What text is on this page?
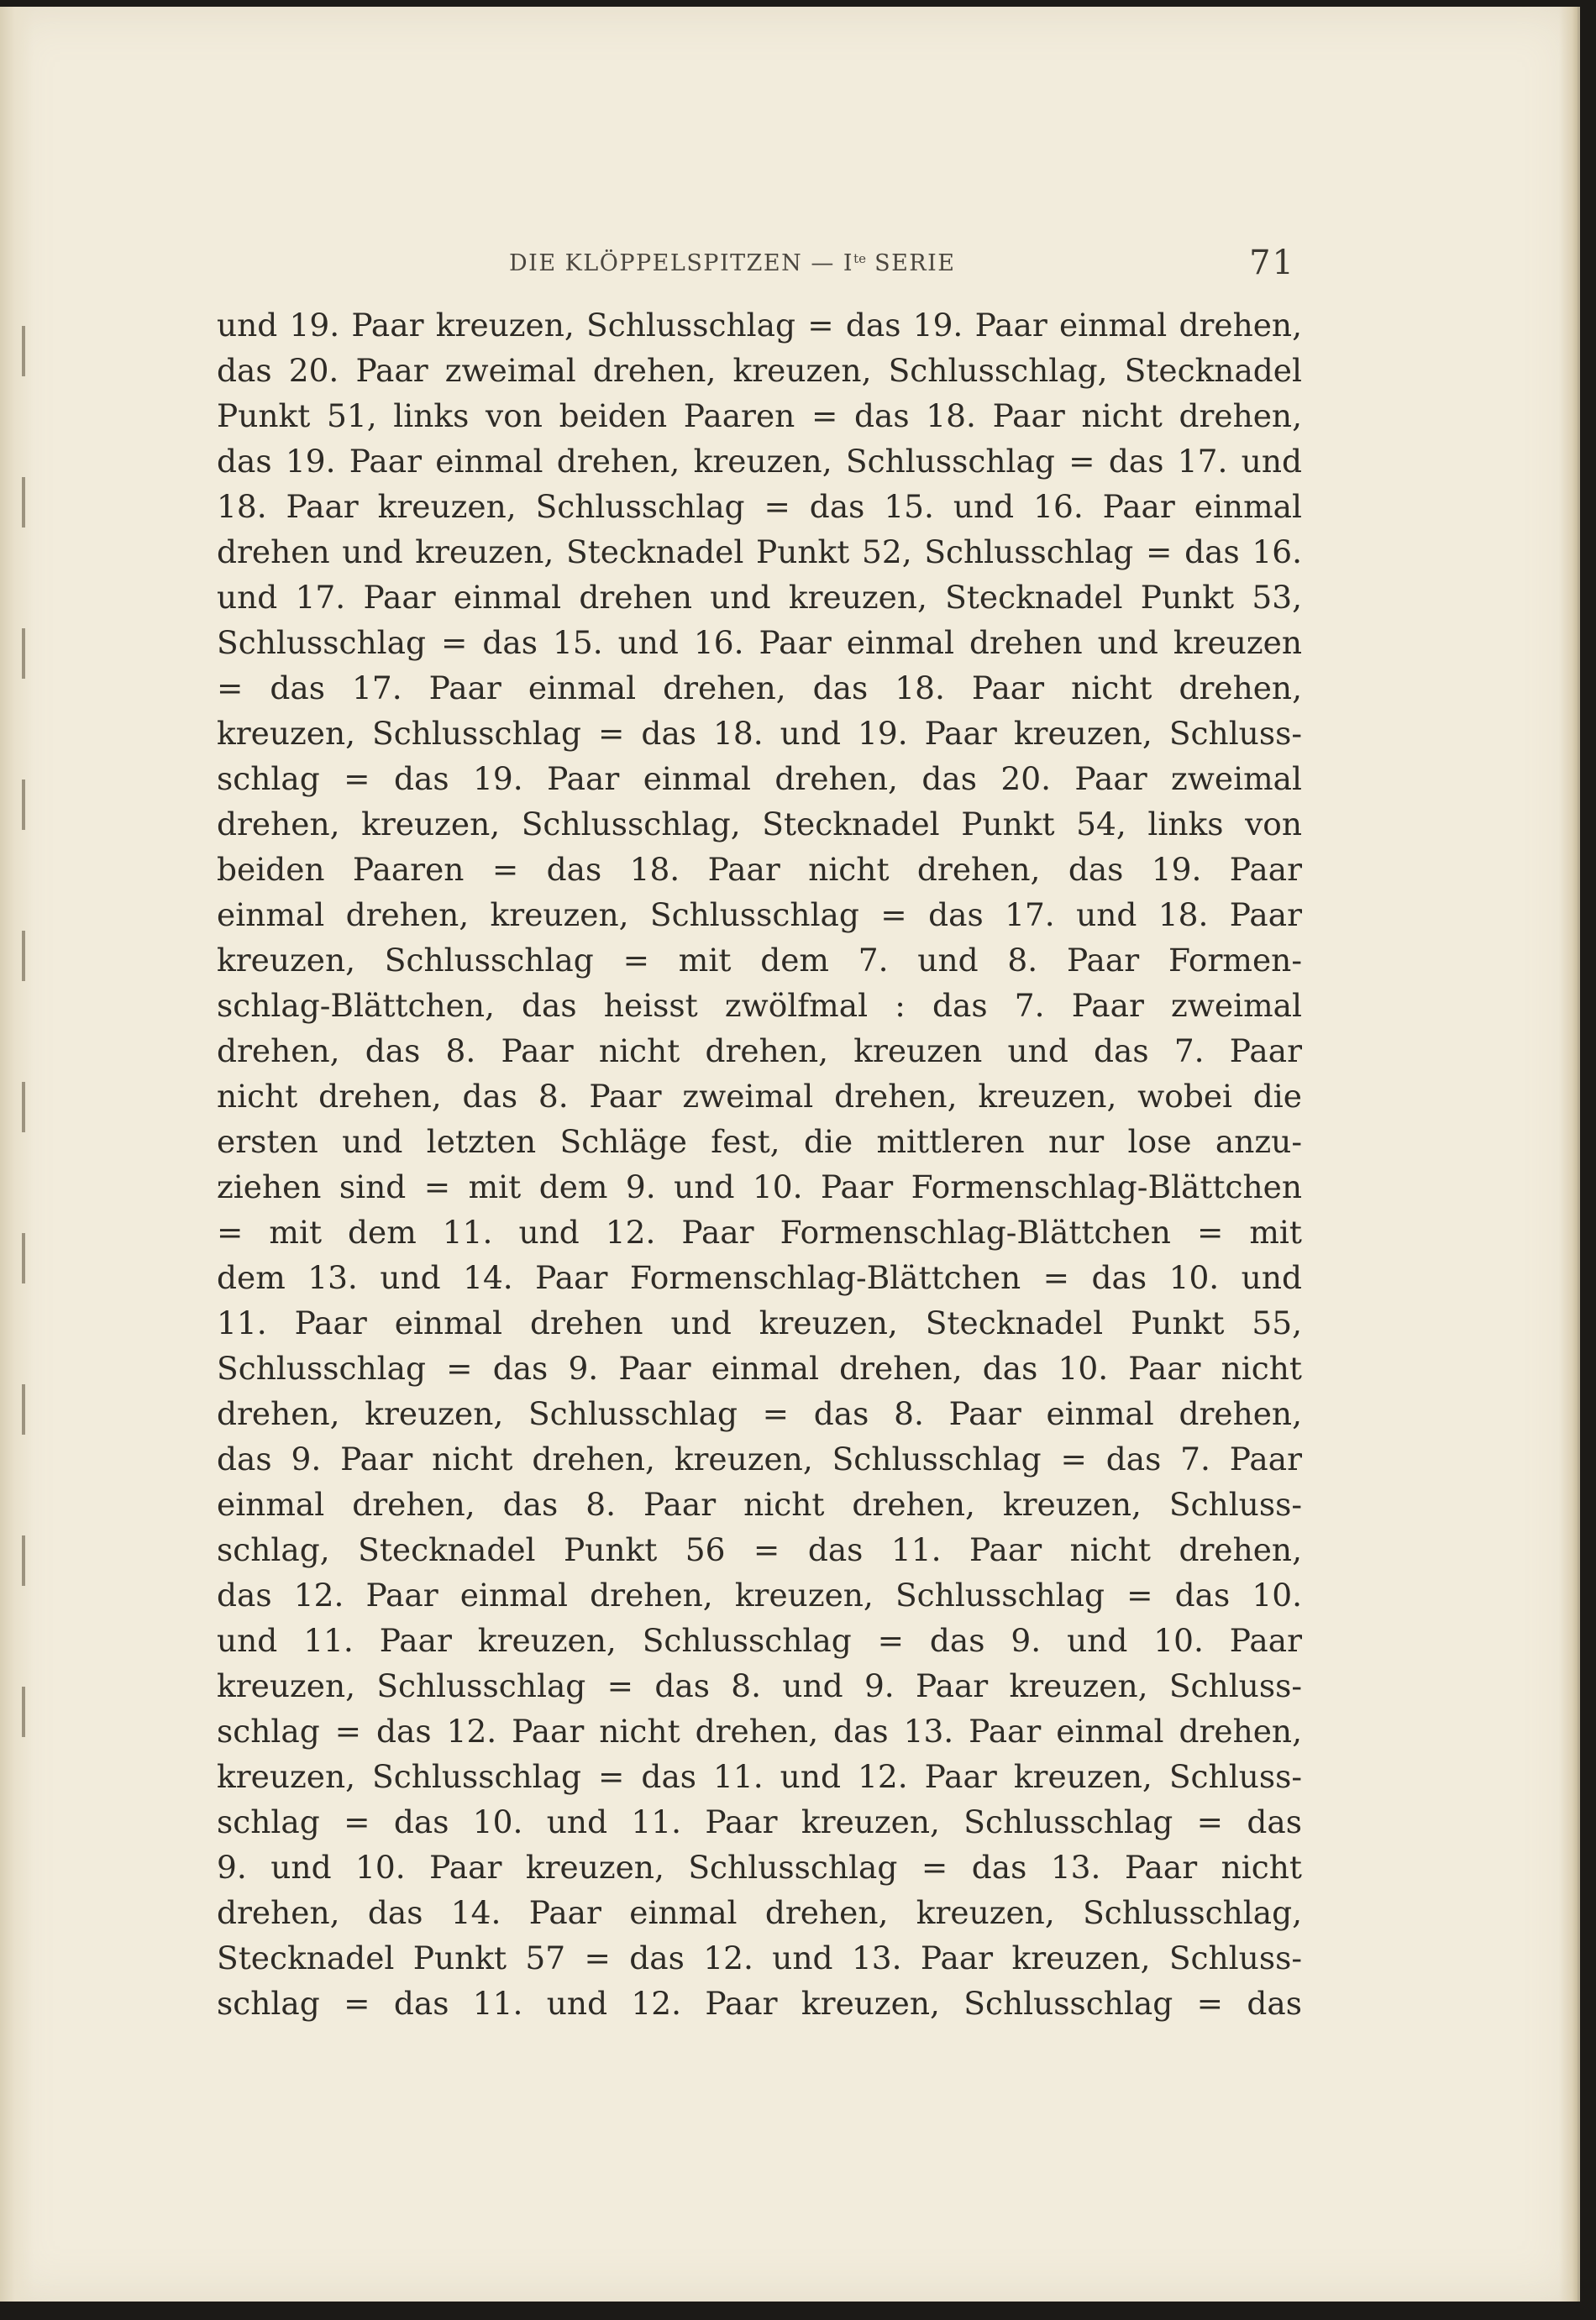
DIE KLÖPPELSPITZEN — $I^{te}$ SERIE	71
und 19. Paar kreuzen, Schlusschlag = das 19. Paar einmal drehen,
das 20. Paar zweimal drehen, kreuzen, Schlusschlag, Stecknadel
Punkt 51, links von beiden Paaren = das 18. Paar nicht drehen,
das 19. Paar einmal drehen, kreuzen, Schlusschlag = das 17. und
18. Paar kreuzen, Schlusschlag = das 15. und 16. Paar einmal
drehen und kreuzen, Stecknadel Punkt 52, Schlusschlag = das 16.
und 17. Paar einmal drehen und kreuzen, Stecknadel Punkt 53,
Schlusschlag = das 15. und 16. Paar einmal drehen und kreuzen
= das 17. Paar einmal drehen, das 18. Paar nicht drehen,
kreuzen, Schlusschlag = das 18. und 19. Paar kreuzen, Schluss-
schlag = das 19. Paar einmal drehen, das 20. Paar zweimal
drehen, kreuzen, Schlusschlag, Stecknadel Punkt 54, links von
beiden Paaren = das 18. Paar nicht drehen, das 19. Paar
einmal drehen, kreuzen, Schlusschlag = das 17. und 18. Paar
kreuzen, Schlusschlag = mit dem 7. und 8. Paar Formen-
schlag-Blättchen, das heisst zwölfmal : das 7. Paar zweimal
drehen, das 8. Paar nicht drehen, kreuzen und das 7. Paar
nicht drehen, das 8. Paar zweimal drehen, kreuzen, wobei die
ersten und letzten Schläge fest, die mittleren nur lose anzu-
ziehen sind = mit dem 9. und 10. Paar Formenschlag-Blättchen
= mit dem 11. und 12. Paar Formenschlag-Blättchen = mit
dem 13. und 14. Paar Formenschlag-Blättchen = das 10. und
11. Paar einmal drehen und kreuzen, Stecknadel Punkt 55,
Schlusschlag = das 9. Paar einmal drehen, das 10. Paar nicht
drehen, kreuzen, Schlusschlag = das 8. Paar einmal drehen,
das 9. Paar nicht drehen, kreuzen, Schlusschlag = das 7. Paar
einmal drehen, das 8. Paar nicht drehen, kreuzen, Schluss-
schlag, Stecknadel Punkt 56 = das 11. Paar nicht drehen,
das 12. Paar einmal drehen, kreuzen, Schlusschlag = das 10.
und 11. Paar kreuzen, Schlusschlag = das 9. und 10. Paar
kreuzen, Schlusschlag = das 8. und 9. Paar kreuzen, Schluss-
schlag = das 12. Paar nicht drehen, das 13. Paar einmal drehen,
kreuzen, Schlusschlag = das 11. und 12. Paar kreuzen, Schluss-
schlag = das 10. und 11. Paar kreuzen, Schlusschlag = das
9. und 10. Paar kreuzen, Schlusschlag = das 13. Paar nicht
drehen, das 14. Paar einmal drehen, kreuzen, Schlusschlag,
Stecknadel Punkt 57 = das 12. und 13. Paar kreuzen, Schluss-
schlag = das 11. und 12. Paar kreuzen, Schlusschlag = das
